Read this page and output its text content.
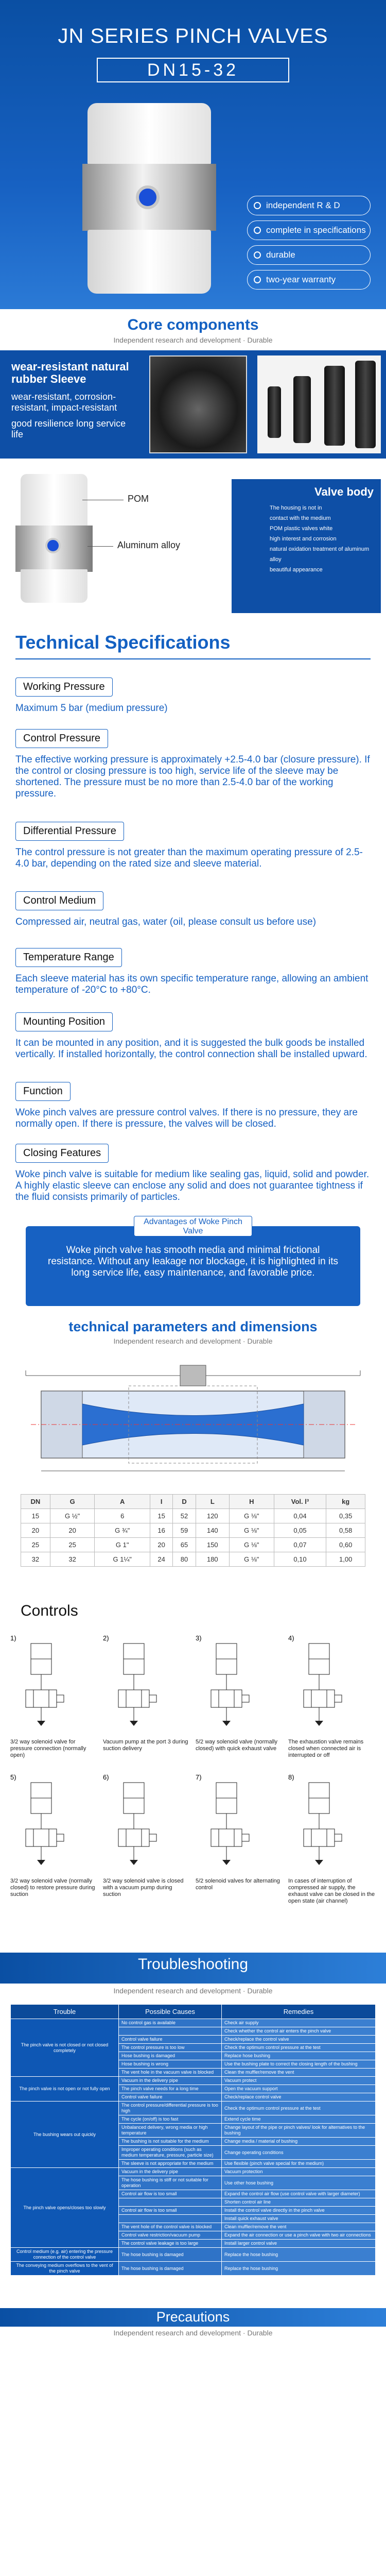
JN SERIES PINCH VALVES
DN15-32
independent R & D
complete in specifications
durable
two-year warranty
Core components
Independent research and development · Durable
wear-resistant natural rubber Sleeve
wear-resistant, corrosion-resistant, impact-resistant
good resilience long service life
POM
Aluminum alloy
Valve body
The housing is not in
contact with the medium
POM plastic valves white
high interest and corrosion
natural oxidation treatment of aluminum alloy
beautiful appearance
Technical Specifications
Working Pressure
Maximum 5 bar (medium pressure)
Control Pressure
The effective working pressure is approximately +2.5-4.0 bar (closure pressure). If the control or closing pressure is too high, service life of the sleeve may be shortened. The pressure must be no more than 2.5-4.0 bar of the working pressure.
Differential Pressure
The control pressure is not greater than the maximum operating pressure of 2.5-4.0 bar, depending on the rated size and sleeve material.
Control Medium
Compressed air, neutral gas, water (oil, please consult us before use)
Temperature Range
Each sleeve material has its own specific temperature range, allowing an ambient temperature of -20°C to +80°C.
Mounting Position
It can be mounted in any position, and it is suggested the bulk goods be installed vertically. If installed horizontally, the control connection shall be installed upward.
Function
Woke pinch valves are pressure control valves. If there is no pressure, they are normally open. If there is pressure, the valves will be closed.
Closing Features
Woke pinch valve is suitable for medium like sealing gas, liquid, solid and powder. A highly elastic sleeve can enclose any solid and does not guarantee tightness if the fluid consists primarily of particles.
Woke pinch valve has smooth media and minimal frictional resistance. Without any leakage nor blockage, it is highlighted in its long service life, easy maintenance, and favorable price.
Advantages of Woke Pinch Valve
technical parameters and dimensions
Independent research and development · Durable
DN	G	A	I	D	L	H	Vol. l³	kg
15	G ½"	6	15	52	120	G ⅛"	0,04	0,35
20	20	G ¾"	16	59	140	G ⅛"	0,05	0,58
25	25	G 1"	20	65	150	G ⅛"	0,07	0,60
32	32	G 1¼"	24	80	180	G ⅛"	0,10	1,00
Controls
1)
3/2 way solenoid valve for pressure connection (normally open)
2)
Vacuum pump at the port 3 during suction delivery
3)
5/2 way solenoid valve (normally closed) with quick exhaust valve
4)
The exhaustion valve remains closed when connected air is interrupted or off
5)
3/2 way solenoid valve (normally closed) to restore pressure during suction
6)
3/2 way solenoid valve is closed with a vacuum pump during suction
7)
5/2 solenoid valves for alternating control
8)
In cases of interruption of compressed air supply, the exhaust valve can be closed in the open state (air channel)
Troubleshooting
Independent research and development · Durable
Trouble	Possible Causes	Remedies
The pinch valve is not closed or not closed completely	No control gas is available	Check air supply
		Check whether the control air enters the pinch valve
	Control valve failure	Check/replace the control valve
	The control pressure is too low	Check the optimum control pressure at the test
	Hose bushing is damaged	Replace hose bushing
	Hose bushing is wrong	Use the bushing plate to correct the closing length of the bushing
	The vent hole in the vacuum valve is blocked	Clean the muffler/remove the vent
The pinch valve is not open or not fully open	Vacuum in the delivery pipe	Vacuum protect
	The pinch valve needs for a long time	Open the vacuum support
	Control valve failure	Check/replace control valve
The bushing wears out quickly	The control pressure/differential pressure is too high	Check the optimum control pressure at the test
	The cycle (on/off) is too fast	Extend cycle time
	Unbalanced delivery, wrong media or high temperature	Change layout of the pipe or pinch valves/ look for alternatives to the bushing
	The bushing is not suitable for the medium	Change media / material of bushing
	Improper operating conditions (such as medium temperature, pressure, particle size)	Change operating conditions
	The sleeve is not appropriate for the medium	Use flexible (pinch valve special for the medium)
The pinch valve opens/closes too slowly	Vacuum in the delivery pipe	Vacuum protection
	The hose bushing is stiff or not suitable for operation	Use other hose bushing
	Control air flow is too small	Expand the control air flow (use control valve with larger diameter)
		Shorten control air line
	Control air flow is too small	Install the control valve directly in the pinch valve
		Install quick exhaust valve
	The vent hole of the control valve is blocked	Clean muffler/remove the vent
	Control valve restriction/vacuum pump	Expand the air connection or use a pinch valve with two air connections
	The control valve leakage is too large	Install larger control valve
Control medium (e.g. air) entering the pressure connection of the control valve	The hose bushing is damaged	Replace the hose bushing
The conveying medium overflows to the vent of the pinch valve	The hose bushing is damaged	Replace the hose bushing
Precautions
Independent research and development · Durable
